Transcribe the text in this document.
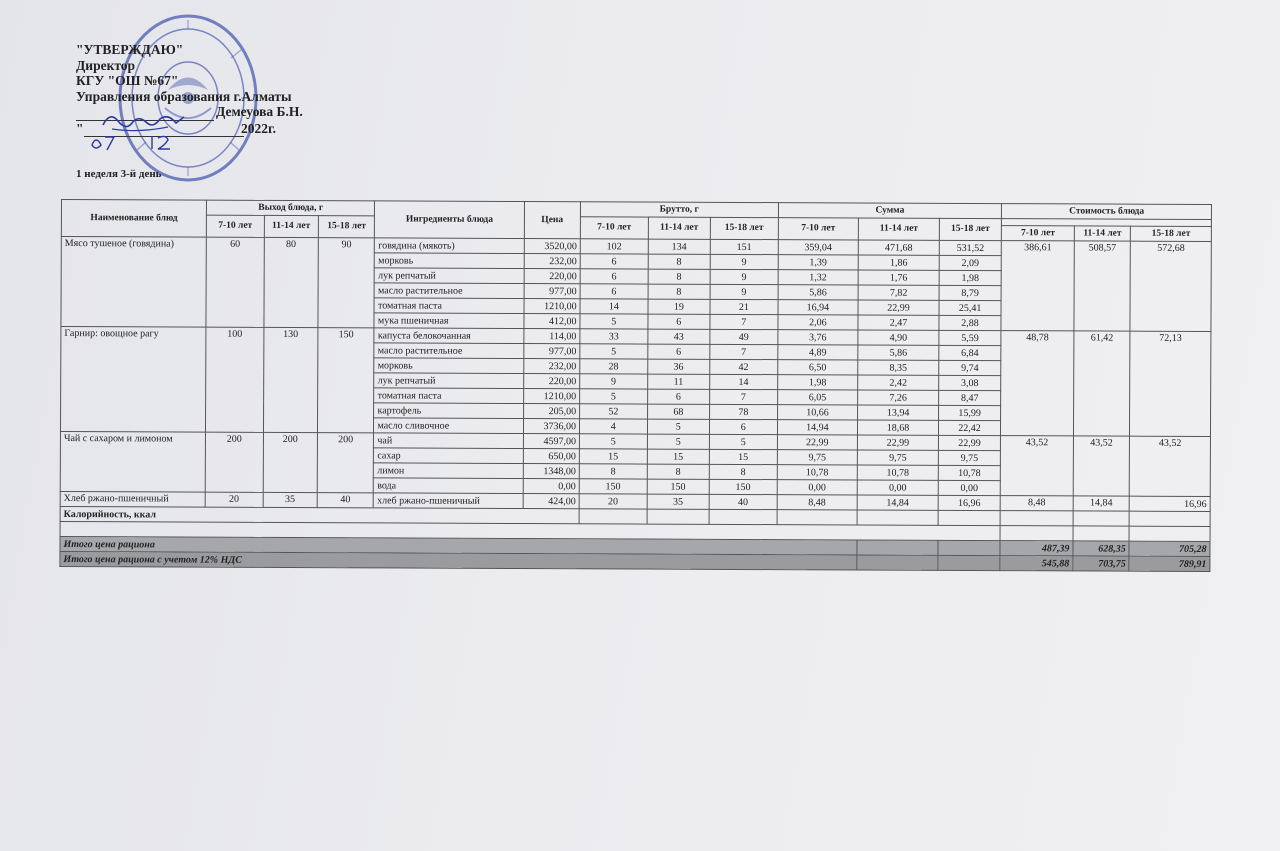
"УТВЕРЖДАЮ"
Директор
КГУ "ОШ №67"
Управления образования г.Алматы

Демеуова Б.Н.
"	2022г.
1 неделя 3-й день
Наименование блюд	Выход блюда, г			Ингредиенты блюда	Цена	Брутто, г			Сумма			Стоимость блюда		
	7-10 лет	11-14 лет	15-18 лет			7-10 лет	11-14 лет	15-18 лет	7-10 лет	11-14 лет	15-18 лет			
												7-10 лет	11-14 лет	15-18 лет
Мясо тушеное (говядина)	60	80	90	говядина (мякоть)	3520,00	102	134	151	359,04	471,68	531,52	386,61	508,57	572,68
				морковь	232,00	6	8	9	1,39	1,86	2,09			
				лук репчатый	220,00	6	8	9	1,32	1,76	1,98			
				масло растительное	977,00	6	8	9	5,86	7,82	8,79			
				томатная паста	1210,00	14	19	21	16,94	22,99	25,41			
				мука пшеничная	412,00	5	6	7	2,06	2,47	2,88			
Гарнир: овощное рагу	100	130	150	капуста белокочанная	114,00	33	43	49	3,76	4,90	5,59	48,78	61,42	72,13
				масло растительное	977,00	5	6	7	4,89	5,86	6,84			
				морковь	232,00	28	36	42	6,50	8,35	9,74			
				лук репчатый	220,00	9	11	14	1,98	2,42	3,08			
				томатная паста	1210,00	5	6	7	6,05	7,26	8,47			
				картофель	205,00	52	68	78	10,66	13,94	15,99			
				масло сливочное	3736,00	4	5	6	14,94	18,68	22,42			
Чай с сахаром и лимоном	200	200	200	чай	4597,00	5	5	5	22,99	22,99	22,99	43,52	43,52	43,52
				сахар	650,00	15	15	15	9,75	9,75	9,75			
				лимон	1348,00	8	8	8	10,78	10,78	10,78			
				вода	0,00	150	150	150	0,00	0,00	0,00			
Хлеб ржано-пшеничный	20	35	40	хлеб ржано-пшеничный	424,00	20	35	40	8,48	14,84	16,96	8,48	14,84	16,96
Калорийность, ккал														

Итого цена рациона												487,39	628,35	705,28
Итого цена рациона с учетом 12% НДС												545,88	703,75	789,91
